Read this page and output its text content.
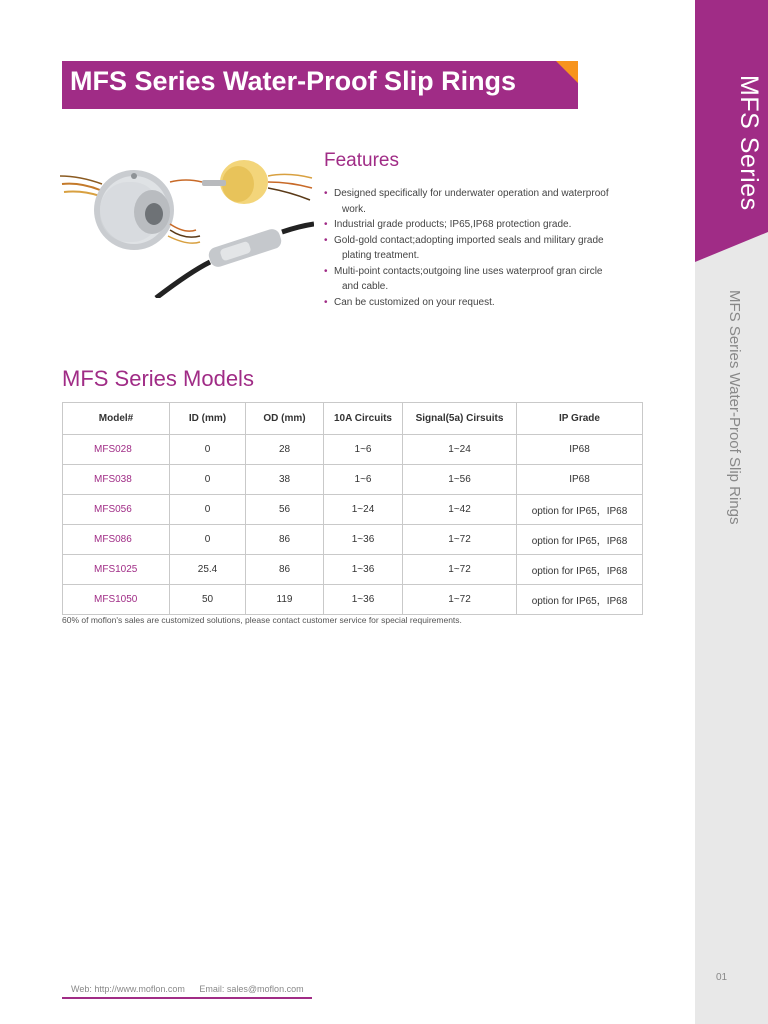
MFS Series
MFS Series Water-Proof Slip Rings
01
MFS Series Water-Proof Slip Rings
Features
• Designed specifically for underwater operation and waterproof
work.
• Industrial grade products; IP65,IP68 protection grade.
• Gold-gold contact;adopting imported seals and military grade
plating treatment.
• Multi-point contacts;outgoing line uses waterproof gran circle
and cable.
• Can be customized on your request.
MFS Series Models
Model#	ID (mm)	OD (mm)	10A Circuits	Signal(5a) Cirsuits	IP Grade
MFS028	0	28	1~6	1~24	IP68
MFS038	0	38	1~6	1~56	IP68
MFS056	0	56	1~24	1~42	option for IP65，IP68
MFS086	0	86	1~36	1~72	option for IP65，IP68
MFS1025	25.4	86	1~36	1~72	option for IP65，IP68
MFS1050	50	119	1~36	1~72	option for IP65，IP68
60% of moflon's sales are customized solutions, please contact customer service for special requirements.
Web: http://www.moflon.com Email: sales@moflon.com
